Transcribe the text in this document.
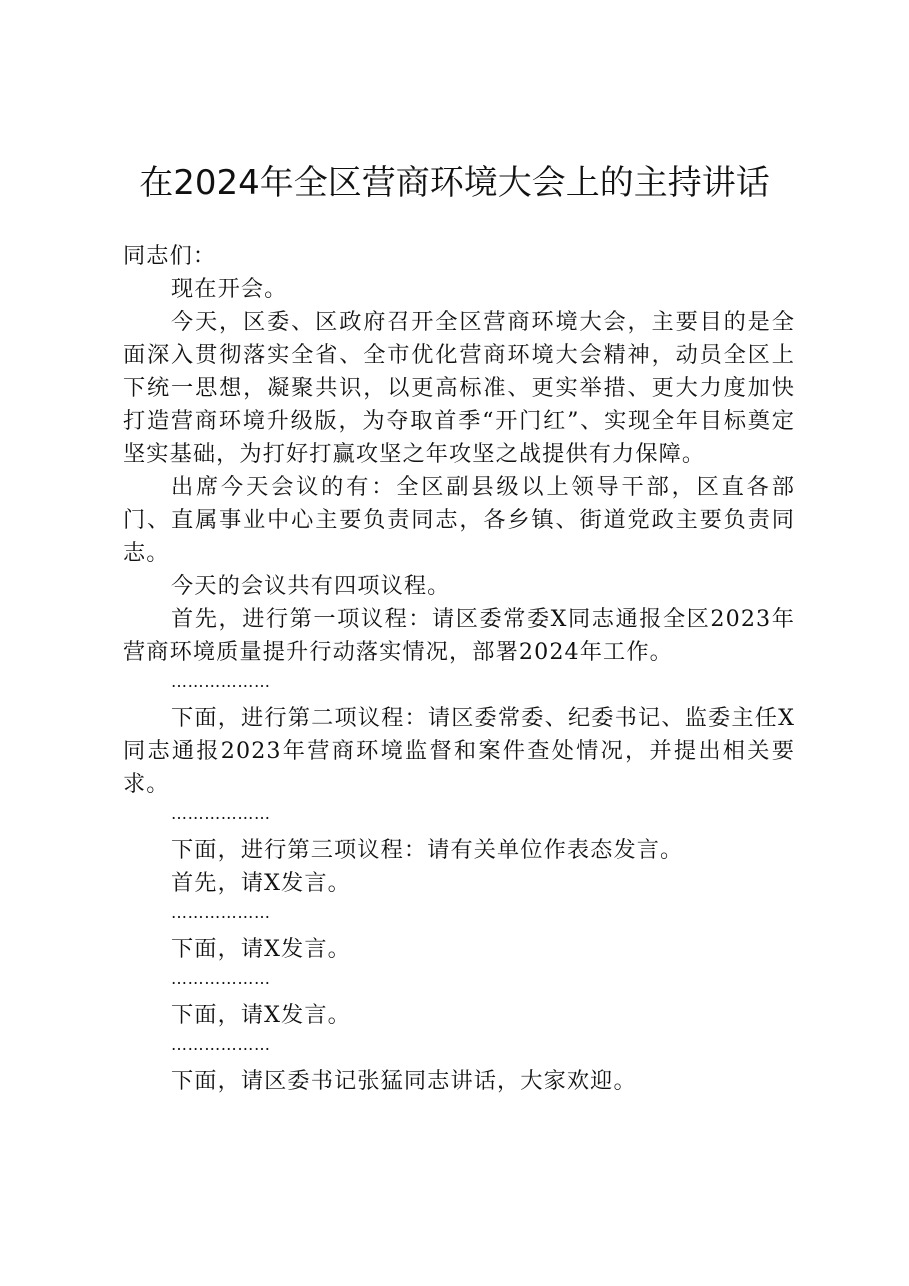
在2024年全区营商环境大会上的主持讲话

同志们：

现在开会。

今天，区委、区政府召开全区营商环境大会，主要目的是全面深入贯彻落实全省、全市优化营商环境大会精神，动员全区上下统一思想，凝聚共识，以更高标准、更实举措、更大力度加快打造营商环境升级版，为夺取首季“开门红”、实现全年目标奠定坚实基础，为打好打赢攻坚之年攻坚之战提供有力保障。

出席今天会议的有：全区副县级以上领导干部，区直各部门、直属事业中心主要负责同志，各乡镇、街道党政主要负责同志。

今天的会议共有四项议程。

首先，进行第一项议程：请区委常委X同志通报全区2023年营商环境质量提升行动落实情况，部署2024年工作。

………………

下面，进行第二项议程：请区委常委、纪委书记、监委主任X同志通报2023年营商环境监督和案件查处情况，并提出相关要求。

………………

下面，进行第三项议程：请有关单位作表态发言。

首先，请X发言。

………………

下面，请X发言。

………………

下面，请X发言。

………………

下面，请区委书记张猛同志讲话，大家欢迎。
